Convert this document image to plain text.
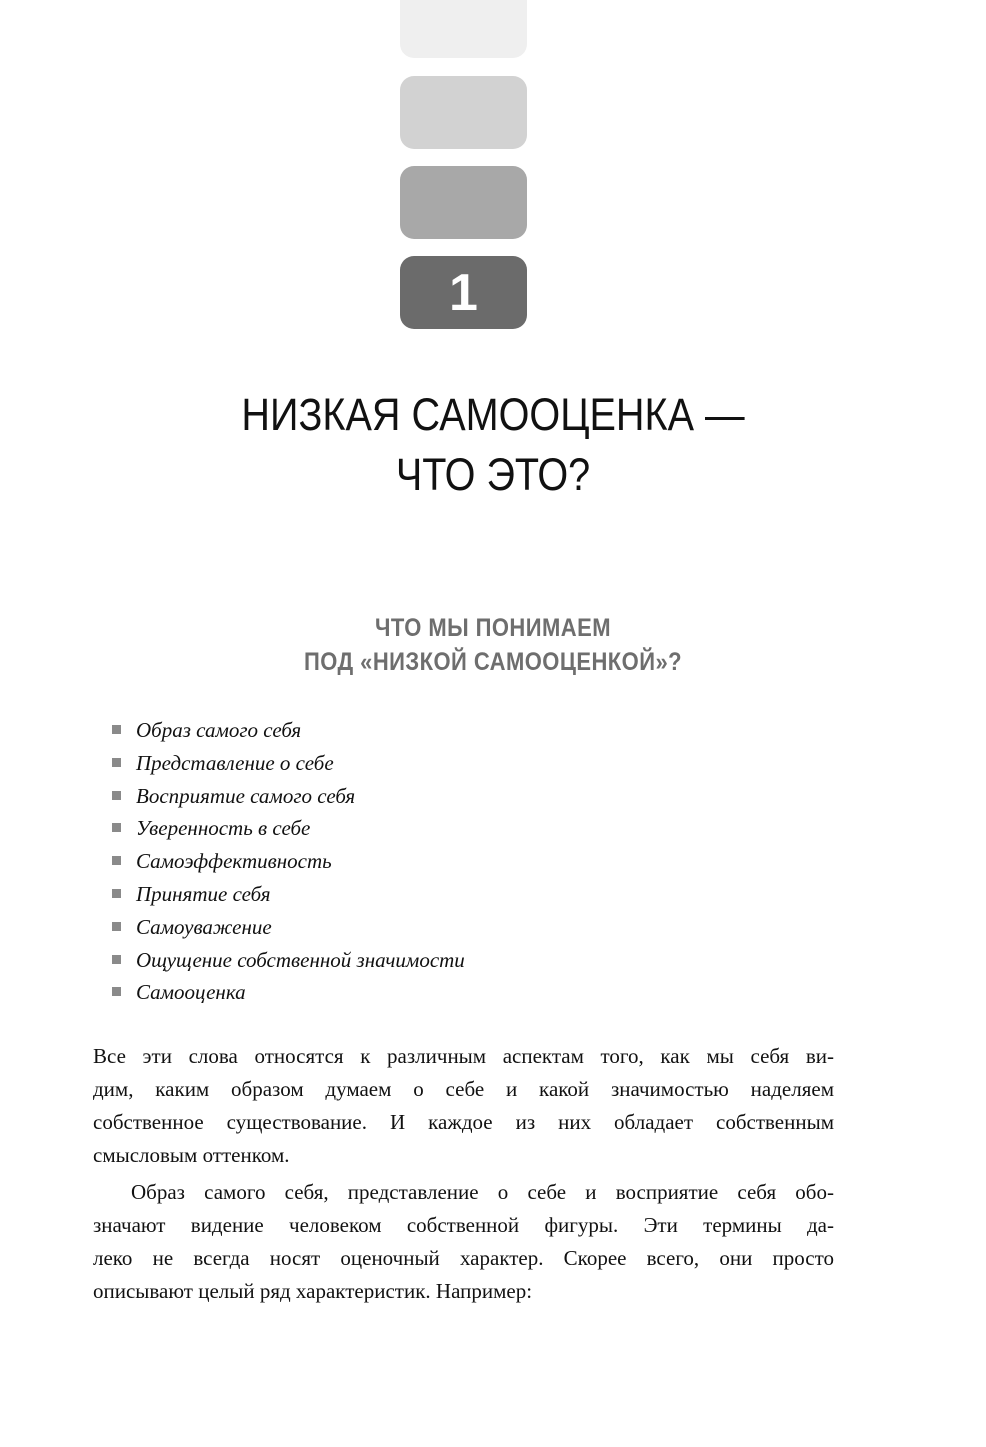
1
НИЗКАЯ САМООЦЕНКА —
ЧТО ЭТО?
ЧТО МЫ ПОНИМАЕМ
ПОД «НИЗКОЙ САМООЦЕНКОЙ»?
Образ самого себя
Представление о себе
Восприятие самого себя
Уверенность в себе
Самоэффективность
Принятие себя
Самоуважение
Ощущение собственной значимости
Самооценка

Все эти слова относятся к различным аспектам того, как мы себя ви-
дим, каким образом думаем о себе и какой значимостью наделяем
собственное существование. И каждое из них обладает собственным
смысловым оттенком.

Образ самого себя, представление о себе и восприятие себя обо-
значают видение человеком собственной фигуры. Эти термины да-
леко не всегда носят оценочный характер. Скорее всего, они просто
описывают целый ряд характеристик. Например:
